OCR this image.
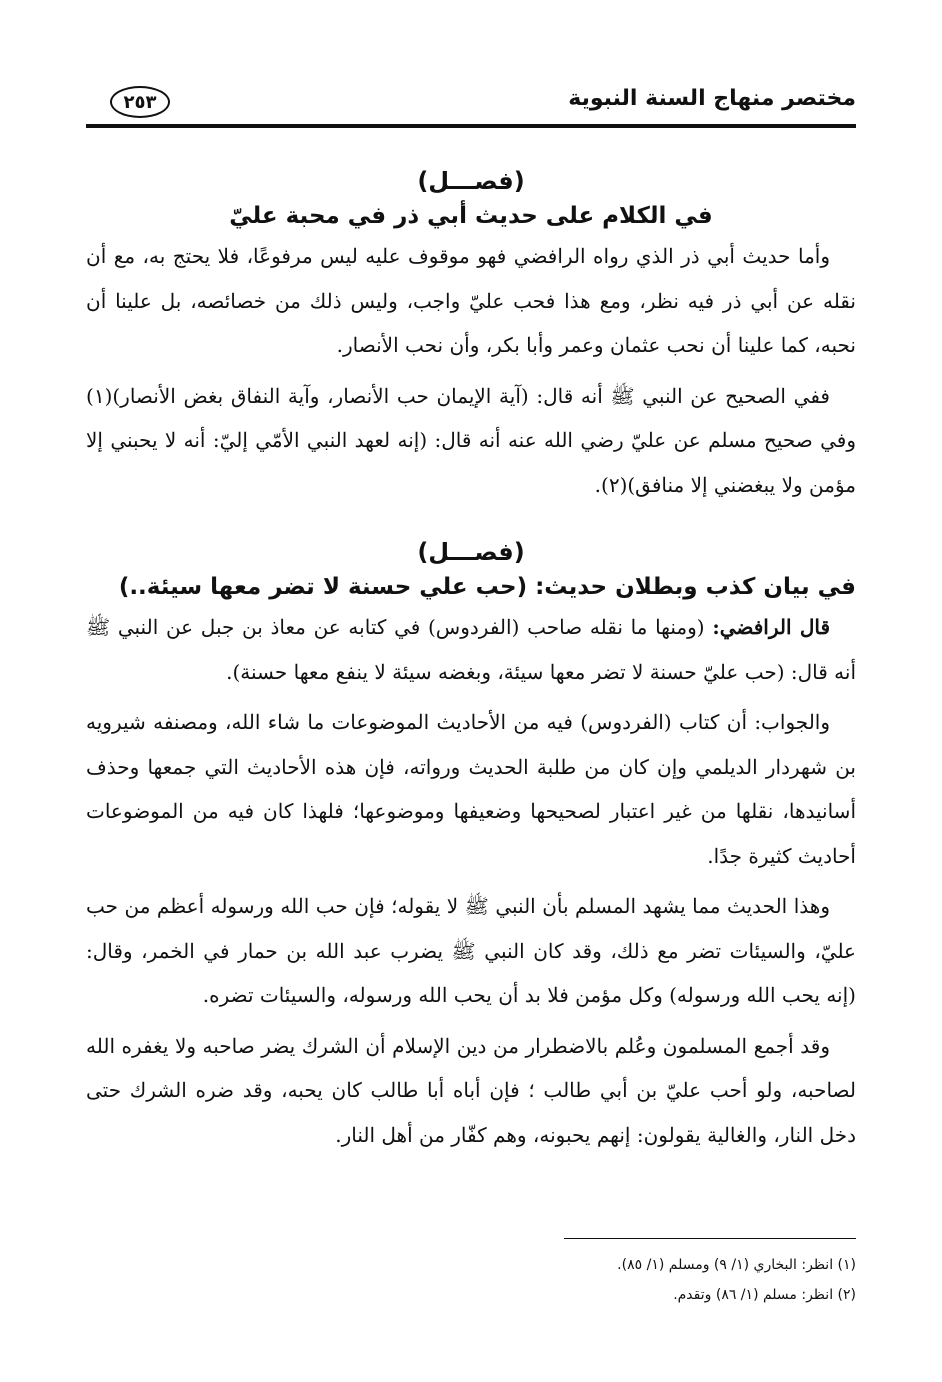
مختصر منهاج السنة النبوية
٢٥٣

(فصـــل)

في الكلام على حديث أبي ذر في محبة عليّ

وأما حديث أبي ذر الذي رواه الرافضي فهو موقوف عليه ليس مرفوعًا، فلا يحتج به، مع أن نقله عن أبي ذر فيه نظر، ومع هذا فحب عليّ واجب، وليس ذلك من خصائصه، بل علينا أن نحبه، كما علينا أن نحب عثمان وعمر وأبا بكر، وأن نحب الأنصار.

ففي الصحيح عن النبي ﷺ أنه قال: (آية الإيمان حب الأنصار، وآية النفاق بغض الأنصار)(١) وفي صحيح مسلم عن عليّ رضي الله عنه أنه قال: (إنه لعهد النبي الأمّي إليّ: أنه لا يحبني إلا مؤمن ولا يبغضني إلا منافق)(٢).

(فصـــل)

في بيان كذب وبطلان حديث: (حب علي حسنة لا تضر معها سيئة..)

قال الرافضي: (ومنها ما نقله صاحب (الفردوس) في كتابه عن معاذ بن جبل عن النبي ﷺ أنه قال: (حب عليّ حسنة لا تضر معها سيئة، وبغضه سيئة لا ينفع معها حسنة).

والجواب: أن كتاب (الفردوس) فيه من الأحاديث الموضوعات ما شاء الله، ومصنفه شيرويه بن شهردار الديلمي وإن كان من طلبة الحديث ورواته، فإن هذه الأحاديث التي جمعها وحذف أسانيدها، نقلها من غير اعتبار لصحيحها وضعيفها وموضوعها؛ فلهذا كان فيه من الموضوعات أحاديث كثيرة جدًا.

وهذا الحديث مما يشهد المسلم بأن النبي ﷺ لا يقوله؛ فإن حب الله ورسوله أعظم من حب عليّ، والسيئات تضر مع ذلك، وقد كان النبي ﷺ يضرب عبد الله بن حمار في الخمر، وقال: (إنه يحب الله ورسوله) وكل مؤمن فلا بد أن يحب الله ورسوله، والسيئات تضره.

وقد أجمع المسلمون وعُلم بالاضطرار من دين الإسلام أن الشرك يضر صاحبه ولا يغفره الله لصاحبه، ولو أحب عليّ بن أبي طالب ؛ فإن أباه أبا طالب كان يحبه، وقد ضره الشرك حتى دخل النار، والغالية يقولون: إنهم يحبونه، وهم كفّار من أهل النار.

(١) انظر: البخاري (١/ ٩) ومسلم (١/ ٨٥).

(٢) انظر: مسلم (١/ ٨٦) وتقدم.
